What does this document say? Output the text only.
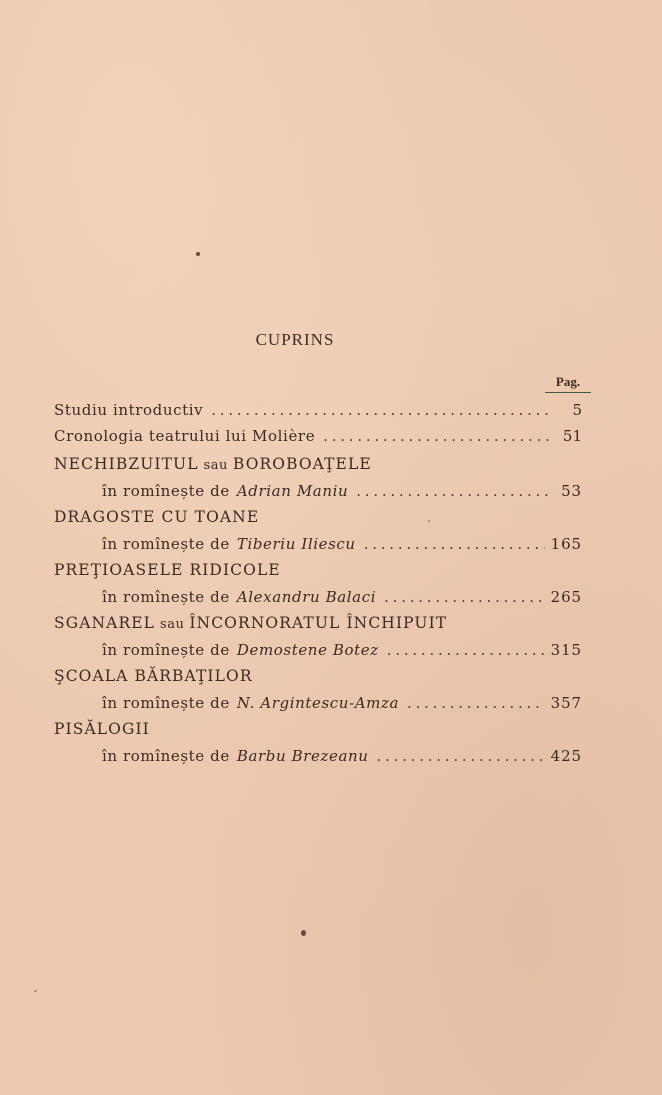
CUPRINS
Pag.
Studiu introductiv . . .	5
Cronologia teatrului lui Molière . . .	51
NECHIBZUITUL sau BOROBOAŢELE
în romînește de Adrian Maniu . . .	53
DRAGOSTE CU TOANE
în romînește de Tiberiu Iliescu . . .	165
PREŢIOASELE RIDICOLE
în romînește de Alexandru Balaci . . .	265
SGANAREL sau ÎNCORNORATUL ÎNCHIPUIT
în romînește de Demostene Botez . . .	315
ŞCOALA BĂRBAŢILOR
în romînește de N. Argintescu-Amza . . .	357
PISĂLOGII
în romînește de Barbu Brezeanu . . .	425
